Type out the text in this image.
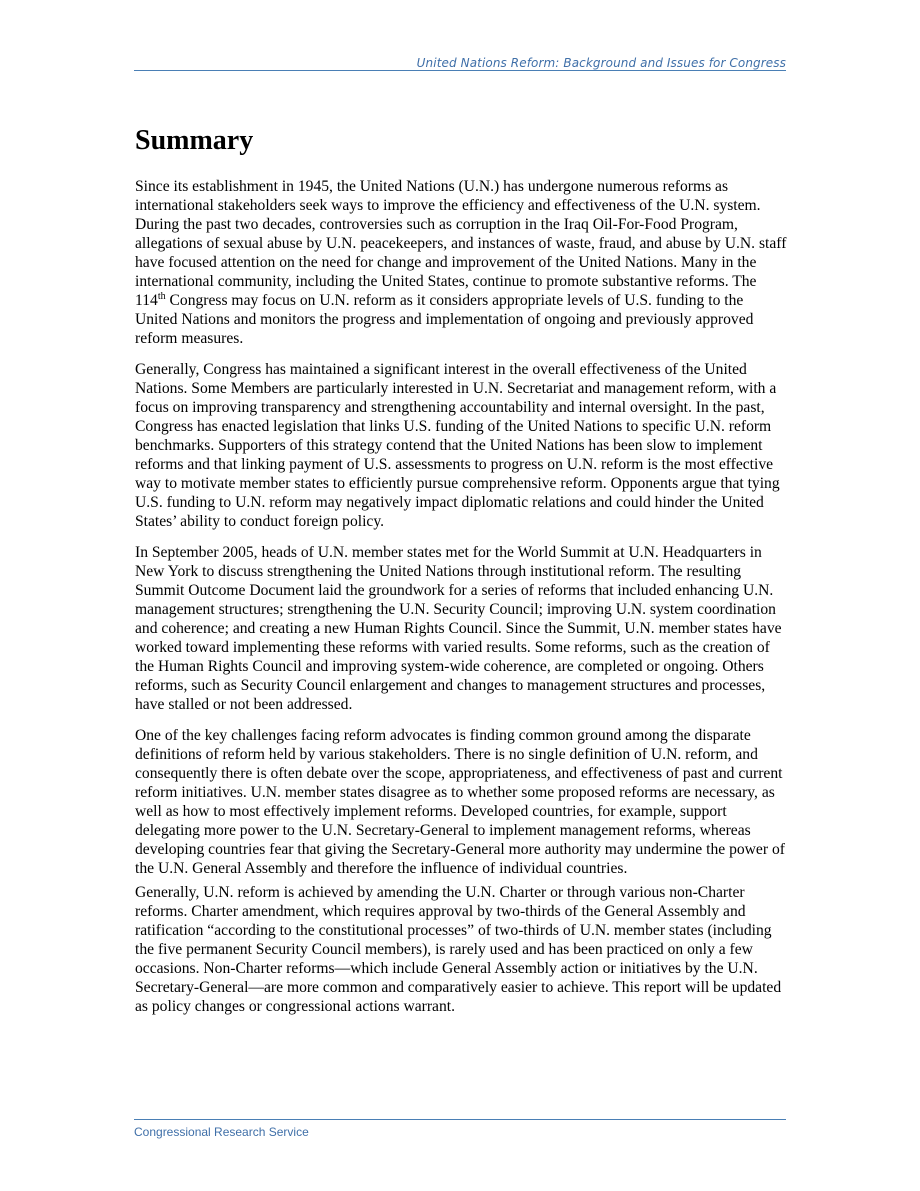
United Nations Reform: Background and Issues for Congress
Summary

Since its establishment in 1945, the United Nations (U.N.) has undergone numerous reforms as international stakeholders seek ways to improve the efficiency and effectiveness of the U.N. system. During the past two decades, controversies such as corruption in the Iraq Oil-For-Food Program, allegations of sexual abuse by U.N. peacekeepers, and instances of waste, fraud, and abuse by U.N. staff have focused attention on the need for change and improvement of the United Nations. Many in the international community, including the United States, continue to promote substantive reforms. The 114th Congress may focus on U.N. reform as it considers appropriate levels of U.S. funding to the United Nations and monitors the progress and implementation of ongoing and previously approved reform measures.

Generally, Congress has maintained a significant interest in the overall effectiveness of the United Nations. Some Members are particularly interested in U.N. Secretariat and management reform, with a focus on improving transparency and strengthening accountability and internal oversight. In the past, Congress has enacted legislation that links U.S. funding of the United Nations to specific U.N. reform benchmarks. Supporters of this strategy contend that the United Nations has been slow to implement reforms and that linking payment of U.S. assessments to progress on U.N. reform is the most effective way to motivate member states to efficiently pursue comprehensive reform. Opponents argue that tying U.S. funding to U.N. reform may negatively impact diplomatic relations and could hinder the United States’ ability to conduct foreign policy.

In September 2005, heads of U.N. member states met for the World Summit at U.N. Headquarters in New York to discuss strengthening the United Nations through institutional reform. The resulting Summit Outcome Document laid the groundwork for a series of reforms that included enhancing U.N. management structures; strengthening the U.N. Security Council; improving U.N. system coordination and coherence; and creating a new Human Rights Council. Since the Summit, U.N. member states have worked toward implementing these reforms with varied results. Some reforms, such as the creation of the Human Rights Council and improving system-wide coherence, are completed or ongoing. Others reforms, such as Security Council enlargement and changes to management structures and processes, have stalled or not been addressed.

One of the key challenges facing reform advocates is finding common ground among the disparate definitions of reform held by various stakeholders. There is no single definition of U.N. reform, and consequently there is often debate over the scope, appropriateness, and effectiveness of past and current reform initiatives. U.N. member states disagree as to whether some proposed reforms are necessary, as well as how to most effectively implement reforms. Developed countries, for example, support delegating more power to the U.N. Secretary-General to implement management reforms, whereas developing countries fear that giving the Secretary-General more authority may undermine the power of the U.N. General Assembly and therefore the influence of individual countries.

Generally, U.N. reform is achieved by amending the U.N. Charter or through various non-Charter reforms. Charter amendment, which requires approval by two-thirds of the General Assembly and ratification “according to the constitutional processes” of two-thirds of U.N. member states (including the five permanent Security Council members), is rarely used and has been practiced on only a few occasions. Non-Charter reforms—which include General Assembly action or initiatives by the U.N. Secretary-General—are more common and comparatively easier to achieve. This report will be updated as policy changes or congressional actions warrant.

Congressional Research Service
